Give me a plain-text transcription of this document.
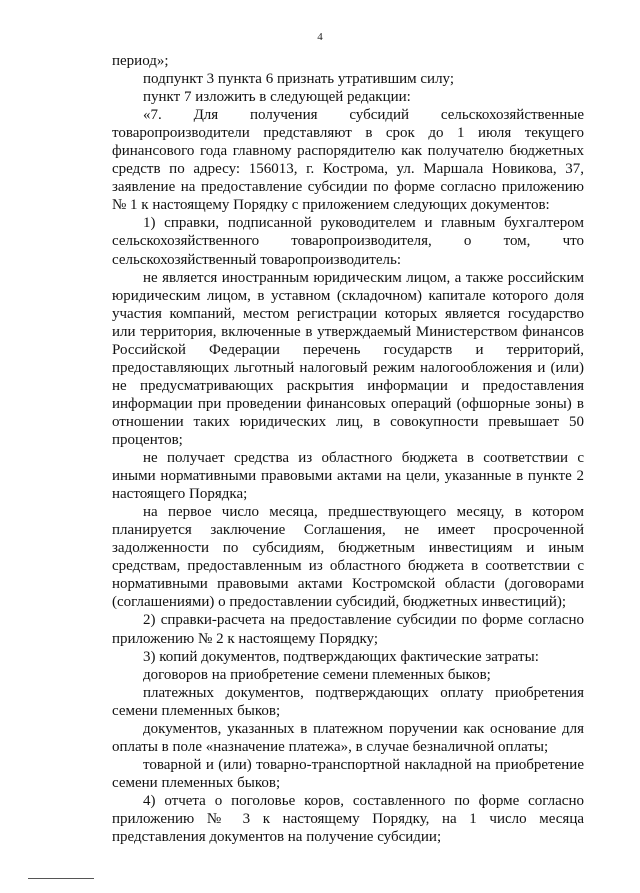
4

период»;

подпункт 3 пункта 6 признать утратившим силу;

пункт 7 изложить в следующей редакции:

«7. Для получения субсидий сельскохозяйственные товаропроизводители представляют в срок до 1 июля текущего финансового года главному распорядителю как получателю бюджетных средств по адресу: 156013, г. Кострома, ул. Маршала Новикова, 37, заявление на предоставление субсидии по форме согласно приложению № 1 к настоящему Порядку с приложением следующих документов:

1) справки, подписанной руководителем и главным бухгалтером сельскохозяйственного товаропроизводителя, о том, что сельскохозяйственный товаропроизводитель:

не является иностранным юридическим лицом, а также российским юридическим лицом, в уставном (складочном) капитале которого доля участия компаний, местом регистрации которых является государство или территория, включенные в утверждаемый Министерством финансов Российской Федерации перечень государств и территорий, предоставляющих льготный налоговый режим налогообложения и (или) не предусматривающих раскрытия информации и предоставления информации при проведении финансовых операций (офшорные зоны) в отношении таких юридических лиц, в совокупности превышает 50 процентов;

не получает средства из областного бюджета в соответствии с иными нормативными правовыми актами на цели, указанные в пункте 2 настоящего Порядка;

на первое число месяца, предшествующего месяцу, в котором планируется заключение Соглашения, не имеет просроченной задолженности по субсидиям, бюджетным инвестициям и иным средствам, предоставленным из областного бюджета в соответствии с нормативными правовыми актами Костромской области (договорами (соглашениями) о предоставлении субсидий, бюджетных инвестиций);

2) справки-расчета на предоставление субсидии по форме согласно приложению № 2 к настоящему Порядку;

3) копий документов, подтверждающих фактические затраты:

договоров на приобретение семени племенных быков;

платежных документов, подтверждающих оплату приобретения семени племенных быков;

документов, указанных в платежном поручении как основание для оплаты в поле «назначение платежа», в случае безналичной оплаты;

товарной и (или) товарно-транспортной накладной на приобретение семени племенных быков;

4) отчета о поголовье коров, составленного по форме согласно приложению № 3 к настоящему Порядку, на 1 число месяца представления документов на получение субсидии;
